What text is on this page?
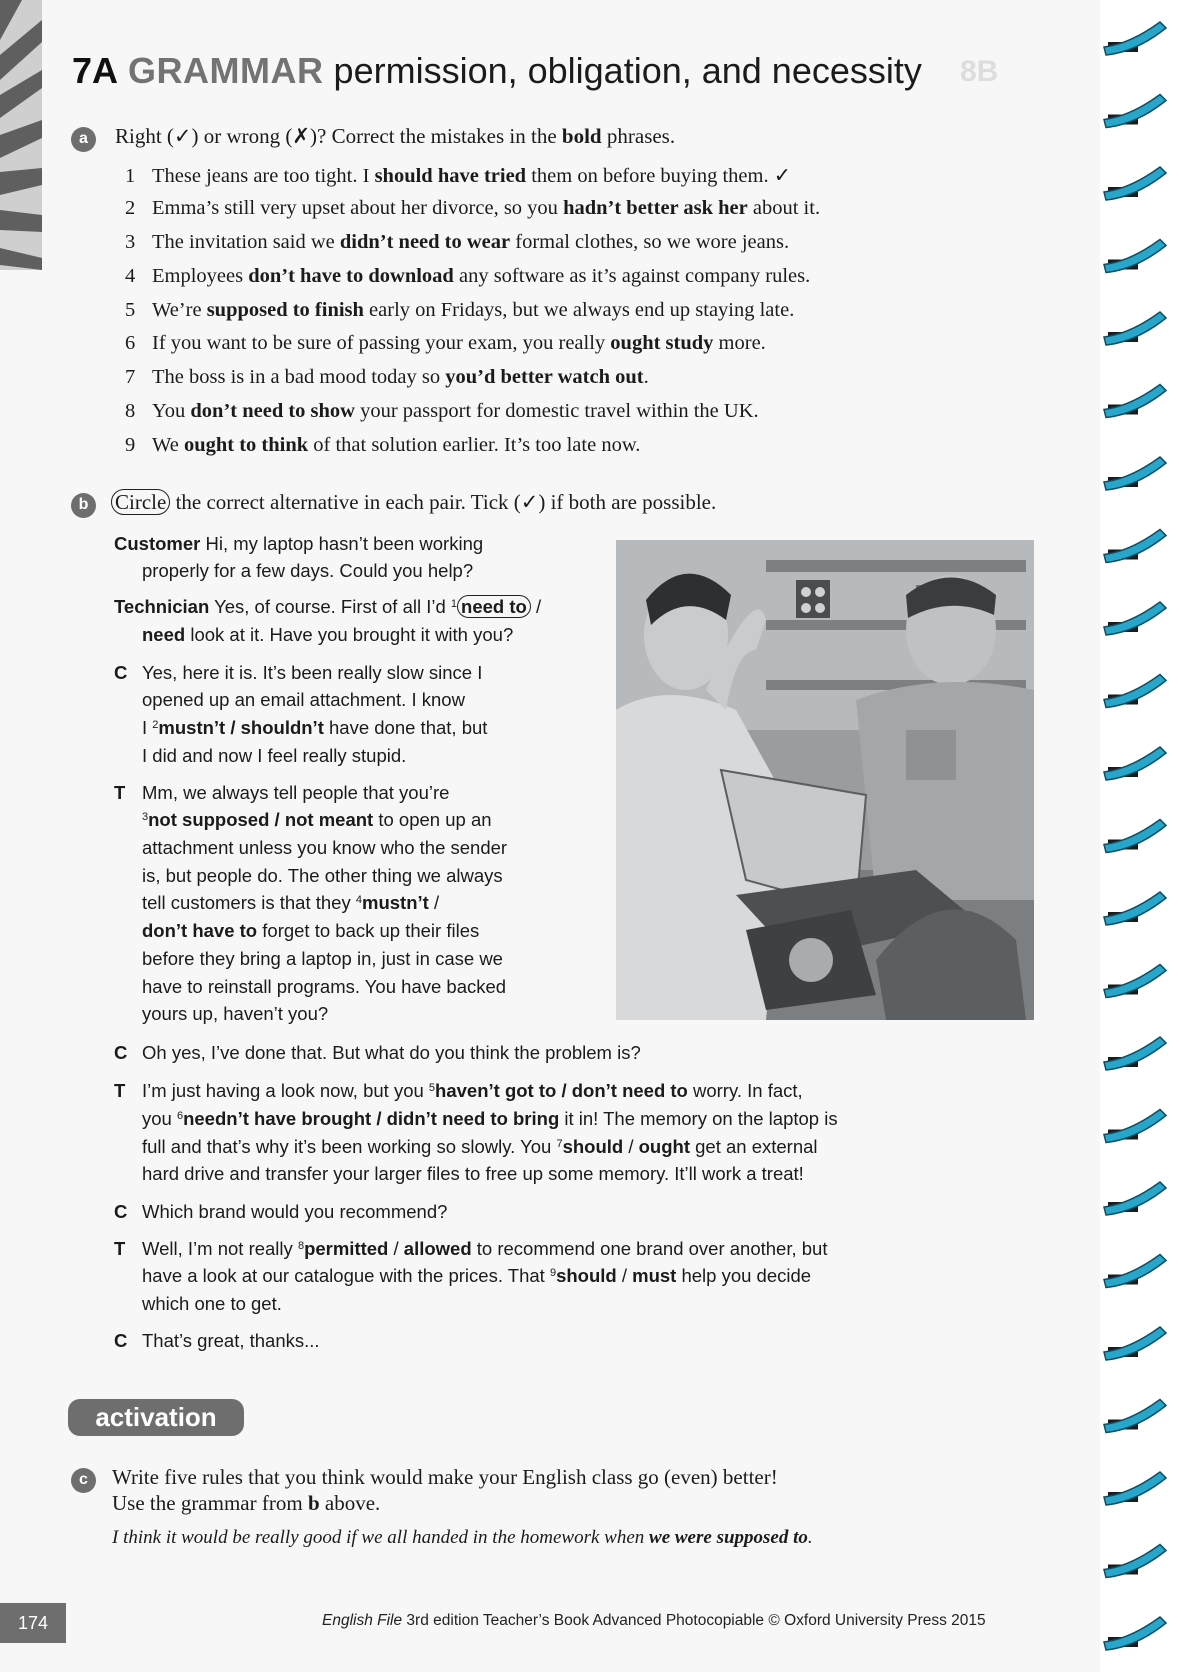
8B
7A GRAMMAR permission, obligation, and necessity
a	Right (✓) or wrong (✗)? Correct the mistakes in the bold phrases.
1 These jeans are too tight. I should have tried them on before buying them. ✓
2 Emma’s still very upset about her divorce, so you hadn’t better ask her about it.
3 The invitation said we didn’t need to wear formal clothes, so we wore jeans.
4 Employees don’t have to download any software as it’s against company rules.
5 We’re supposed to finish early on Fridays, but we always end up staying late.
6 If you want to be sure of passing your exam, you really ought study more.
7 The boss is in a bad mood today so you’d better watch out.
8 You don’t need to show your passport for domestic travel within the UK.
9 We ought to think of that solution earlier. It’s too late now.
b	Circle the correct alternative in each pair. Tick (✓) if both are possible.
Customer Hi, my laptop hasn’t been working
properly for a few days. Could you help?
Technician Yes, of course. First of all I’d $^1$ need to /
need look at it. Have you brought it with you?
C Yes, here it is. It’s been really slow since I
opened up an email attachment. I know
I $^2$mustn’t / shouldn’t have done that, but
I did and now I feel really stupid.
T Mm, we always tell people that you’re
$^3$not supposed / not meant to open up an
attachment unless you know who the sender
is, but people do. The other thing we always
tell customers is that they $^4$mustn’t /
don’t have to forget to back up their files
before they bring a laptop in, just in case we
have to reinstall programs. You have backed
yours up, haven’t you?
C Oh yes, I’ve done that. But what do you think the problem is?
T I’m just having a look now, but you $^5$haven’t got to / don’t need to worry. In fact,
you $^6$needn’t have brought / didn’t need to bring it in! The memory on the laptop is
full and that’s why it’s been working so slowly. You $^7$should / ought get an external
hard drive and transfer your larger files to free up some memory. It’ll work a treat!
C Which brand would you recommend?
T Well, I’m not really $^8$permitted / allowed to recommend one brand over another, but
have a look at our catalogue with the prices. That $^9$should / must help you decide
which one to get.
C That’s great, thanks...
activation
c	Write five rules that you think would make your English class go (even) better!
Use the grammar from b above.
I think it would be really good if we all handed in the homework when we were supposed to.
174	English File 3rd edition Teacher’s Book Advanced Photocopiable © Oxford University Press 2015
